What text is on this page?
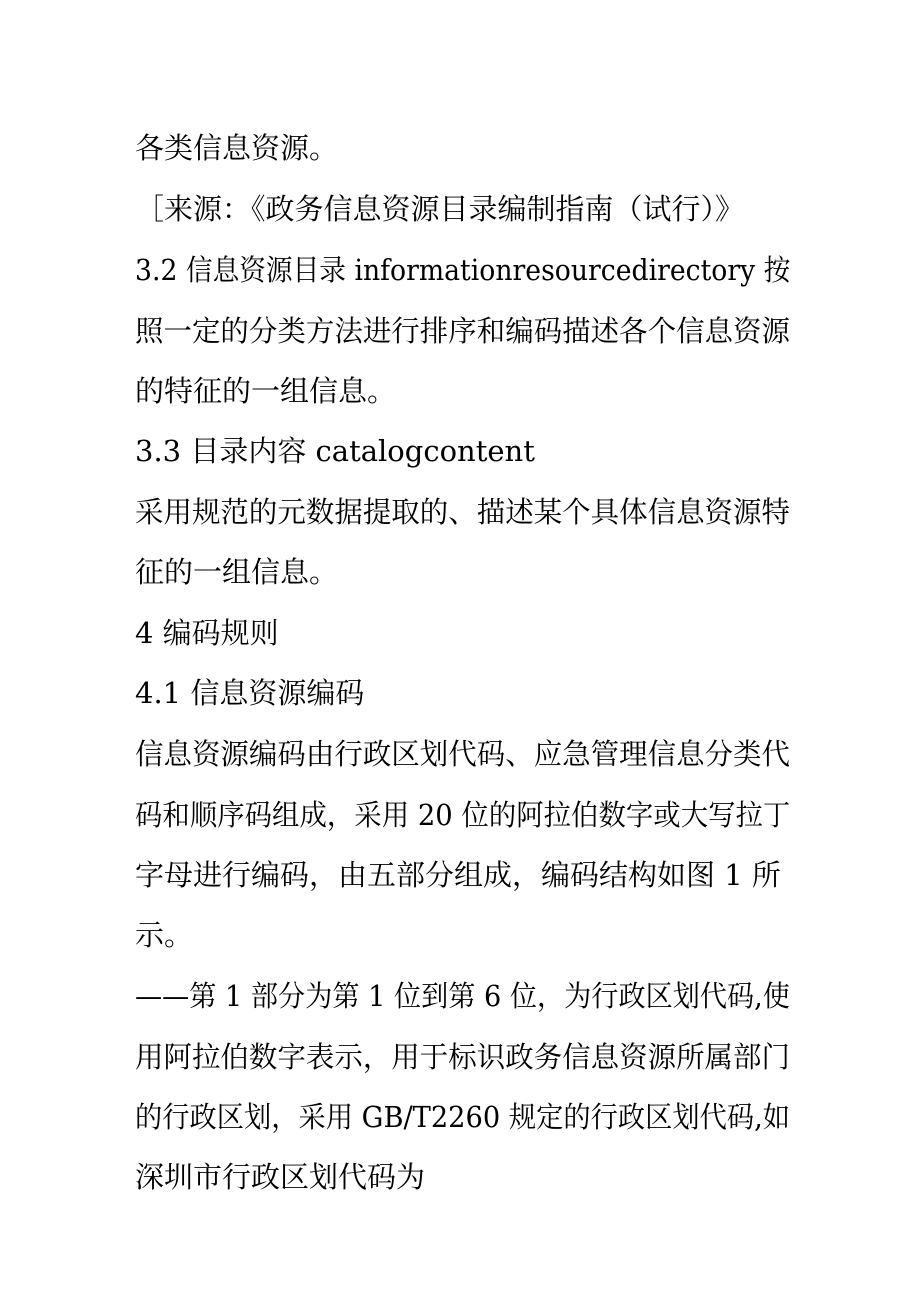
各类信息资源。
［来源：《政务信息资源目录编制指南（试行）》
3.2 信息资源目录 informationresourcedirectory 按
照一定的分类方法进行排序和编码描述各个信息资源
的特征的一组信息。
3.3 目录内容 catalogcontent
采用规范的元数据提取的、描述某个具体信息资源特
征的一组信息。
4 编码规则
4.1 信息资源编码
信息资源编码由行政区划代码、应急管理信息分类代
码和顺序码组成，采用 20 位的阿拉伯数字或大写拉丁
字母进行编码，由五部分组成，编码结构如图 1 所
示。
——第 1 部分为第 1 位到第 6 位，为行政区划代码,使
用阿拉伯数字表示，用于标识政务信息资源所属部门
的行政区划，采用 GB/T2260 规定的行政区划代码,如
深圳市行政区划代码为
